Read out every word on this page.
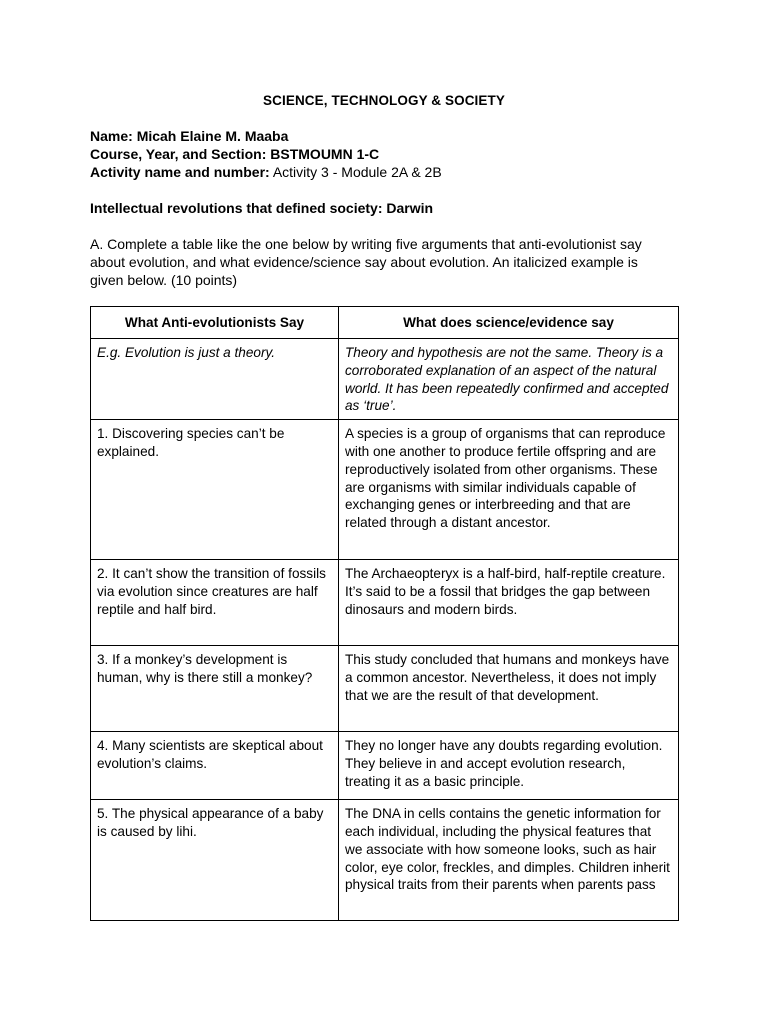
SCIENCE, TECHNOLOGY & SOCIETY
Name: Micah Elaine M. Maaba
Course, Year, and Section: BSTMOUMN 1-C
Activity name and number: Activity 3 - Module 2A & 2B
Intellectual revolutions that defined society: Darwin
A. Complete a table like the one below by writing five arguments that anti-evolutionist say about evolution, and what evidence/science say about evolution. An italicized example is given below. (10 points)
What Anti-evolutionists Say	What does science/evidence say
E.g. Evolution is just a theory.	Theory and hypothesis are not the same. Theory is a corroborated explanation of an aspect of the natural world. It has been repeatedly confirmed and accepted as ‘true’.
1. Discovering species can’t be explained.	A species is a group of organisms that can reproduce with one another to produce fertile offspring and are reproductively isolated from other organisms. These are organisms with similar individuals capable of exchanging genes or interbreeding and that are related through a distant ancestor.
2. It can’t show the transition of fossils via evolution since creatures are half reptile and half bird.	The Archaeopteryx is a half-bird, half-reptile creature. It’s said to be a fossil that bridges the gap between dinosaurs and modern birds.
3. If a monkey’s development is human, why is there still a monkey?	This study concluded that humans and monkeys have a common ancestor. Nevertheless, it does not imply that we are the result of that development.
4. Many scientists are skeptical about evolution’s claims.	They no longer have any doubts regarding evolution. They believe in and accept evolution research, treating it as a basic principle.
5. The physical appearance of a baby is caused by lihi.	The DNA in cells contains the genetic information for each individual, including the physical features that we associate with how someone looks, such as hair color, eye color, freckles, and dimples. Children inherit physical traits from their parents when parents pass
